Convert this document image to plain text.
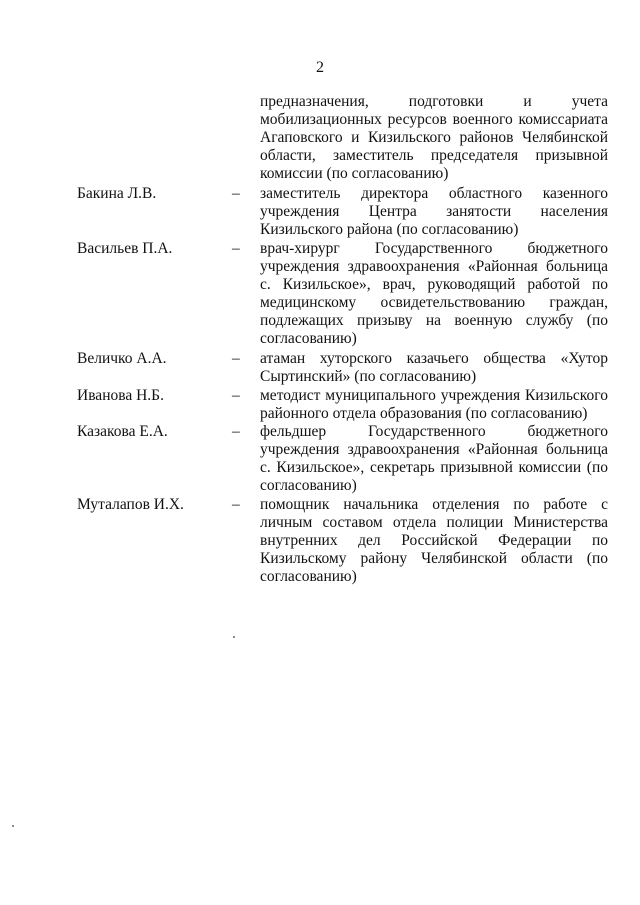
2
предназначения, подготовки и учета мобилизационных ресурсов военного комиссариата Агаповского и Кизильского районов Челябинской области, заместитель председателя призывной комиссии (по согласованию)
Бакина Л.В.	– заместитель директора областного казенного учреждения Центра занятости населения Кизильского района (по согласованию)
Васильев П.А.	– врач-хирург Государственного бюджетного учреждения здравоохранения «Районная больница с. Кизильское», врач, руководящий работой по медицинскому освидетельствованию граждан, подлежащих призыву на военную службу (по согласованию)
Величко А.А.	– атаман хуторского казачьего общества «Хутор Сыртинский» (по согласованию)
Иванова Н.Б.	– методист муниципального учреждения Кизильского районного отдела образования (по согласованию)
Казакова Е.А.	– фельдшер Государственного бюджетного учреждения здравоохранения «Районная больница с. Кизильское», секретарь призывной комиссии (по согласованию)
Муталапов И.Х.	– помощник начальника отделения по работе с личным составом отдела полиции Министерства внутренних дел Российской Федерации по Кизильскому району Челябинской области (по согласованию)
